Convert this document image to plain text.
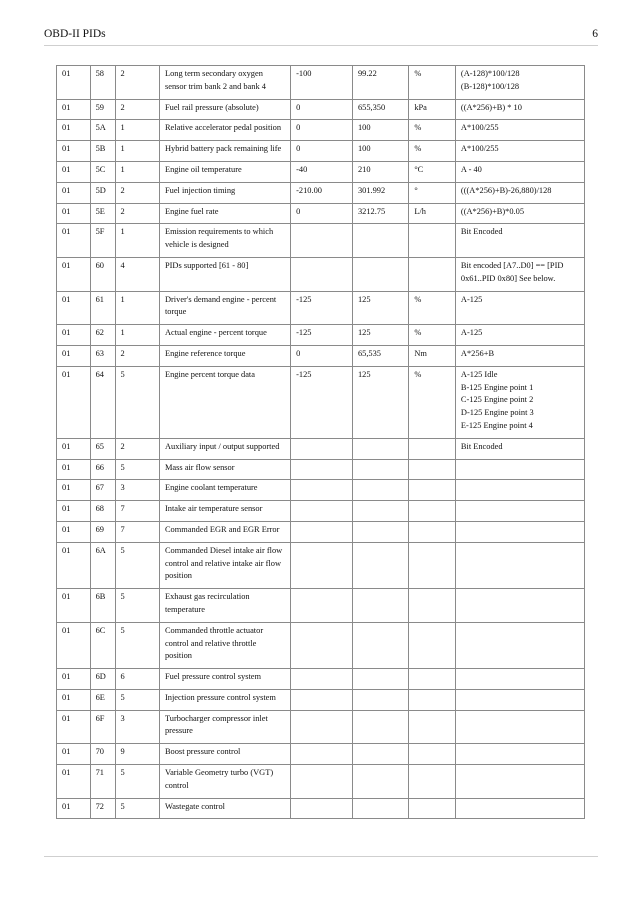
OBD-II PIDs	6
01	58	2	Long term secondary oxygen sensor trim bank 2 and bank 4	-100	99.22	%	(A-128)*100/128
(B-128)*100/128

01	59	2	Fuel rail pressure (absolute)	0	655,350	kPa	((A*256)+B) * 10

01	5A	1	Relative accelerator pedal position	0	100	%	A*100/255

01	5B	1	Hybrid battery pack remaining life	0	100	%	A*100/255

01	5C	1	Engine oil temperature	-40	210	°C	A - 40

01	5D	2	Fuel injection timing	-210.00	301.992	°	(((A*256)+B)-26,880)/128

01	5E	2	Engine fuel rate	0	3212.75	L/h	((A*256)+B)*0.05

01	5F	1	Emission requirements to which vehicle is designed				Bit Encoded

01	60	4	PIDs supported [61 - 80]				Bit encoded [A7..D0] == [PID
0x61..PID 0x80] See below.

01	61	1	Driver's demand engine - percent torque	-125	125	%	A-125

01	62	1	Actual engine - percent torque	-125	125	%	A-125

01	63	2	Engine reference torque	0	65,535	Nm	A*256+B

01	64	5	Engine percent torque data	-125	125	%	A-125 Idle
B-125 Engine point 1
C-125 Engine point 2
D-125 Engine point 3
E-125 Engine point 4

01	65	2	Auxiliary input / output supported				Bit Encoded

01	66	5	Mass air flow sensor				
01	67	3	Engine coolant temperature				
01	68	7	Intake air temperature sensor				
01	69	7	Commanded EGR and EGR Error				
01	6A	5	Commanded Diesel intake air flow control and relative intake air flow position				
01	6B	5	Exhaust gas recirculation temperature				
01	6C	5	Commanded throttle actuator control and relative throttle position				
01	6D	6	Fuel pressure control system				
01	6E	5	Injection pressure control system				
01	6F	3	Turbocharger compressor inlet pressure				
01	70	9	Boost pressure control				
01	71	5	Variable Geometry turbo (VGT) control				
01	72	5	Wastegate control				
